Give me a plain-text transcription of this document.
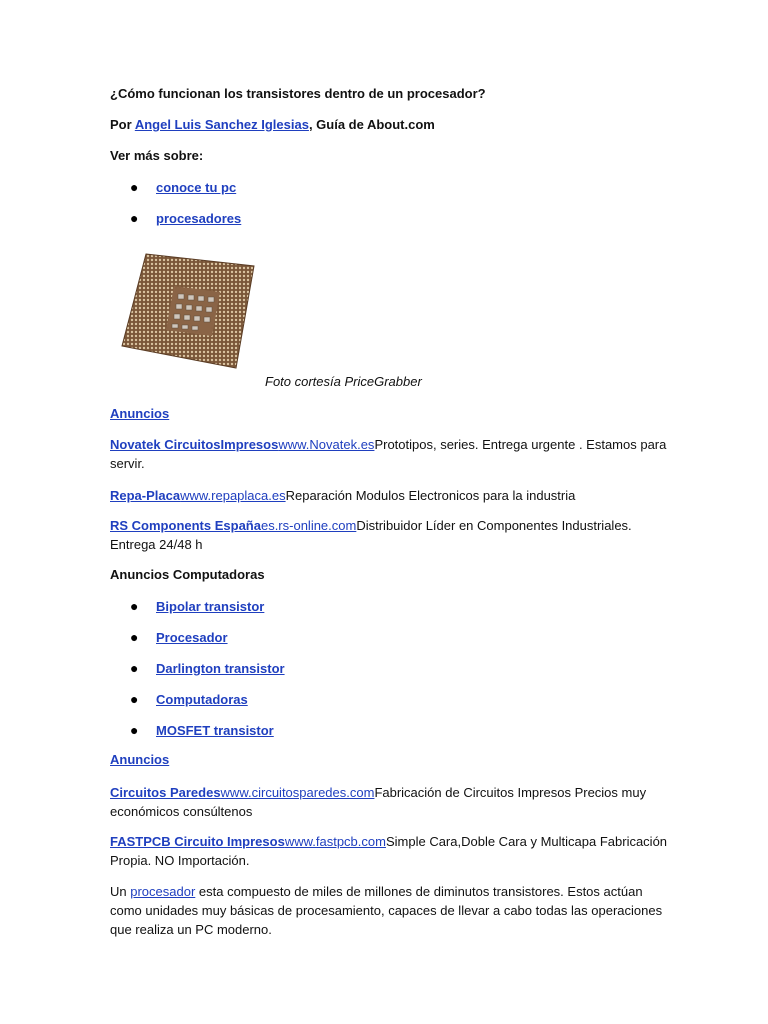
¿Cómo funcionan los transistores dentro de un procesador?
Por Angel Luis Sanchez Iglesias, Guía de About.com
Ver más sobre:
● conoce tu pc
● procesadores
Foto cortesía PriceGrabber
Anuncios
Novatek CircuitosImpresoswww.Novatek.esPrototipos, series. Entrega urgente . Estamos para servir.
Repa-Placawww.repaplaca.esReparación Modulos Electronicos para la industria
RS Components Españaes.rs-online.comDistribuidor Líder en Componentes Industriales. Entrega 24/48 h
Anuncios Computadoras
● Bipolar transistor
● Procesador
● Darlington transistor
● Computadoras
● MOSFET transistor
Anuncios
Circuitos Paredeswww.circuitosparedes.comFabricación de Circuitos Impresos Precios muy económicos consúltenos
FASTPCB Circuito Impresoswww.fastpcb.comSimple Cara,Doble Cara y Multicapa Fabricación Propia. NO Importación.
Un procesador esta compuesto de miles de millones de diminutos transistores. Estos actúan como unidades muy básicas de procesamiento, capaces de llevar a cabo todas las operaciones que realiza un PC moderno.
